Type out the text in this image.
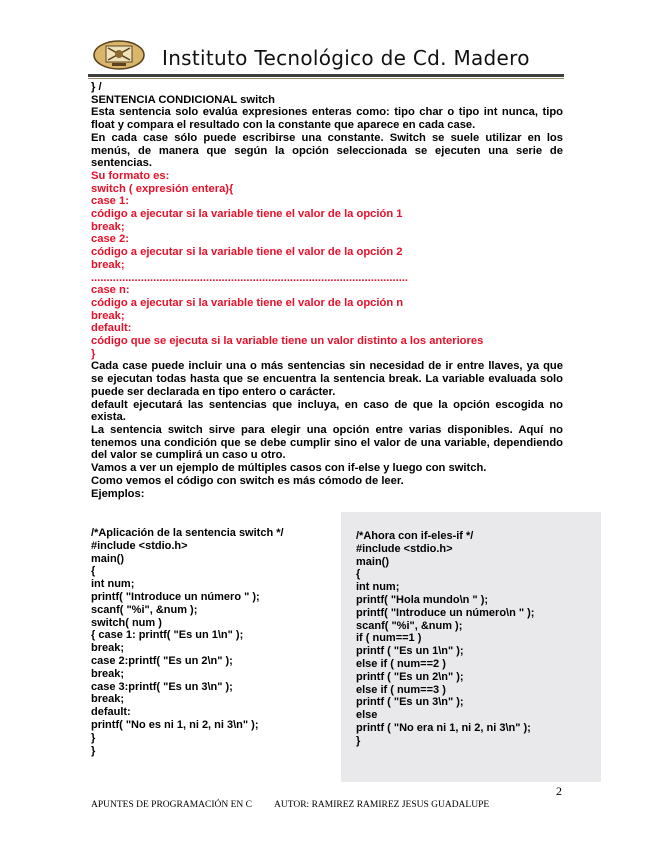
Instituto Tecnológico de Cd. Madero

} /

SENTENCIA CONDICIONAL switch

Esta sentencia solo evalúa expresiones enteras como: tipo char o tipo int nunca, tipo float y compara el resultado con la constante que aparece en cada case.

En cada case sólo puede escribirse una constante. Switch se suele utilizar en los menús, de manera que según la opción seleccionada se ejecuten una serie de sentencias.

Su formato es:

switch ( expresión entera){

case 1:

código a ejecutar si la variable tiene el valor de la opción 1

break;

case 2:

código a ejecutar si la variable tiene el valor de la opción 2

break;

......................................................................................................

case n:

código a ejecutar si la variable tiene el valor de la opción n

break;

default:

código que se ejecuta si la variable tiene un valor distinto a los anteriores

}

Cada case puede incluir una o más sentencias sin necesidad de ir entre llaves, ya que se ejecutan todas hasta que se encuentra la sentencia break. La variable evaluada solo puede ser declarada en tipo entero o carácter.

default ejecutará las sentencias que incluya, en caso de que la opción escogida no exista.

La sentencia switch sirve para elegir una opción entre varias disponibles. Aquí no tenemos una condición que se debe cumplir sino el valor de una variable, dependiendo del valor se cumplirá un caso u otro.

Vamos a ver un ejemplo de múltiples casos con if-else y luego con switch.

Como vemos el código con switch es más cómodo de leer.

Ejemplos:

/*Aplicación de la sentencia switch */

#include <stdio.h>

main()

{

int num;

printf( "Introduce un número " );

scanf( "%i", &num );

switch( num )

{ case 1: printf( "Es un 1\n" );

break;

case 2:printf( "Es un 2\n" );

break;

case 3:printf( "Es un 3\n" );

break;

default:

printf( "No es ni 1, ni 2, ni 3\n" );

}

}

/*Ahora con if-eles-if */

#include <stdio.h>

main()

{

int num;

printf( "Hola mundo\n " );

printf( "Introduce un número\n " );

scanf( "%i", &num );

if ( num==1 )

printf ( "Es un 1\n" );

else if ( num==2 )

printf ( "Es un 2\n" );

else if ( num==3 )

printf ( "Es un 3\n" );

else

printf ( "No era ni 1, ni 2, ni 3\n" );

}

2
APUNTES DE PROGRAMACIÓN EN C AUTOR: RAMIREZ RAMIREZ JESUS GUADALUPE
